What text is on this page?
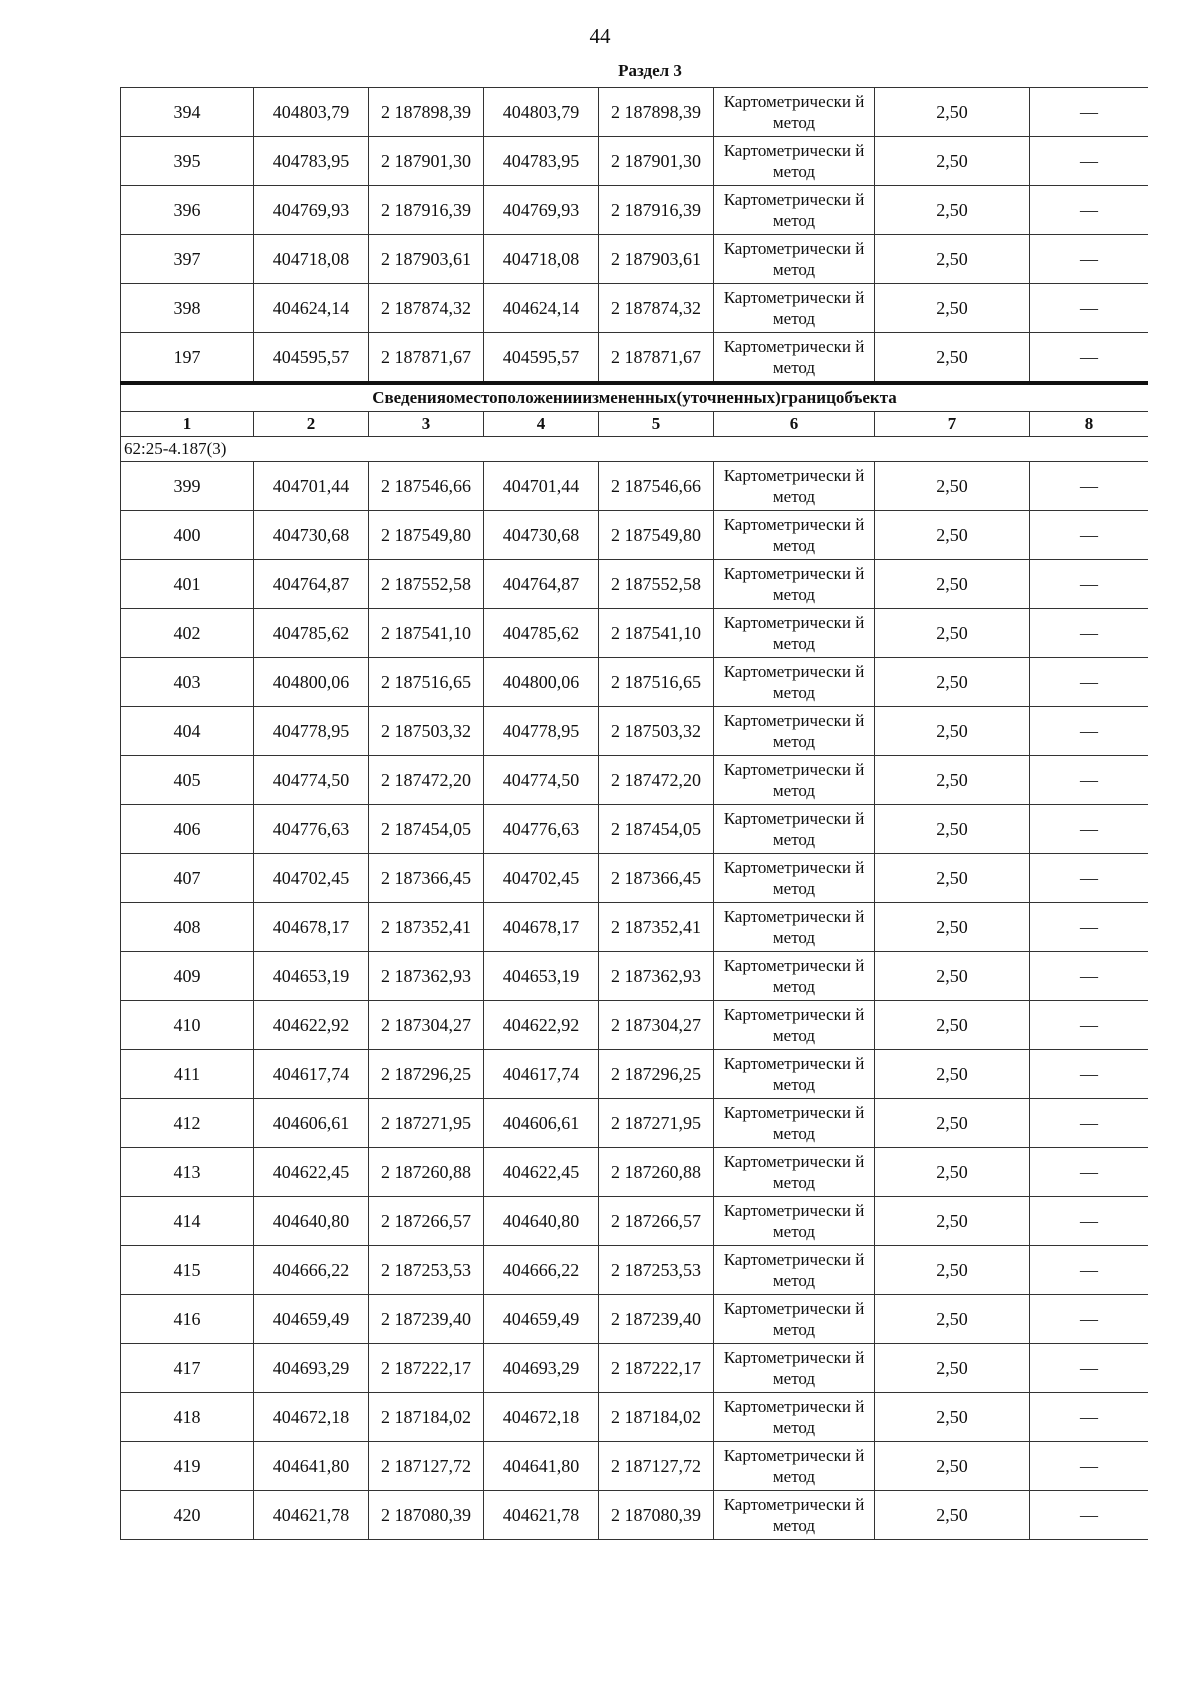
44
Раздел 3
394	404803,79	2 187898,39	404803,79	2 187898,39	Картометрически й метод	2,50	—
395	404783,95	2 187901,30	404783,95	2 187901,30	Картометрически й метод	2,50	—
396	404769,93	2 187916,39	404769,93	2 187916,39	Картометрически й метод	2,50	—
397	404718,08	2 187903,61	404718,08	2 187903,61	Картометрически й метод	2,50	—
398	404624,14	2 187874,32	404624,14	2 187874,32	Картометрически й метод	2,50	—
197	404595,57	2 187871,67	404595,57	2 187871,67	Картометрически й метод	2,50	—
Сведенияоместоположенииизмененных(уточненных)границобъекта							
1	2	3	4	5	6	7	8
62:25-4.187(3)							
399	404701,44	2 187546,66	404701,44	2 187546,66	Картометрически й метод	2,50	—
400	404730,68	2 187549,80	404730,68	2 187549,80	Картометрически й метод	2,50	—
401	404764,87	2 187552,58	404764,87	2 187552,58	Картометрически й метод	2,50	—
402	404785,62	2 187541,10	404785,62	2 187541,10	Картометрически й метод	2,50	—
403	404800,06	2 187516,65	404800,06	2 187516,65	Картометрически й метод	2,50	—
404	404778,95	2 187503,32	404778,95	2 187503,32	Картометрически й метод	2,50	—
405	404774,50	2 187472,20	404774,50	2 187472,20	Картометрически й метод	2,50	—
406	404776,63	2 187454,05	404776,63	2 187454,05	Картометрически й метод	2,50	—
407	404702,45	2 187366,45	404702,45	2 187366,45	Картометрически й метод	2,50	—
408	404678,17	2 187352,41	404678,17	2 187352,41	Картометрически й метод	2,50	—
409	404653,19	2 187362,93	404653,19	2 187362,93	Картометрически й метод	2,50	—
410	404622,92	2 187304,27	404622,92	2 187304,27	Картометрически й метод	2,50	—
411	404617,74	2 187296,25	404617,74	2 187296,25	Картометрически й метод	2,50	—
412	404606,61	2 187271,95	404606,61	2 187271,95	Картометрически й метод	2,50	—
413	404622,45	2 187260,88	404622,45	2 187260,88	Картометрически й метод	2,50	—
414	404640,80	2 187266,57	404640,80	2 187266,57	Картометрически й метод	2,50	—
415	404666,22	2 187253,53	404666,22	2 187253,53	Картометрически й метод	2,50	—
416	404659,49	2 187239,40	404659,49	2 187239,40	Картометрически й метод	2,50	—
417	404693,29	2 187222,17	404693,29	2 187222,17	Картометрически й метод	2,50	—
418	404672,18	2 187184,02	404672,18	2 187184,02	Картометрически й метод	2,50	—
419	404641,80	2 187127,72	404641,80	2 187127,72	Картометрически й метод	2,50	—
420	404621,78	2 187080,39	404621,78	2 187080,39	Картометрически й метод	2,50	—
